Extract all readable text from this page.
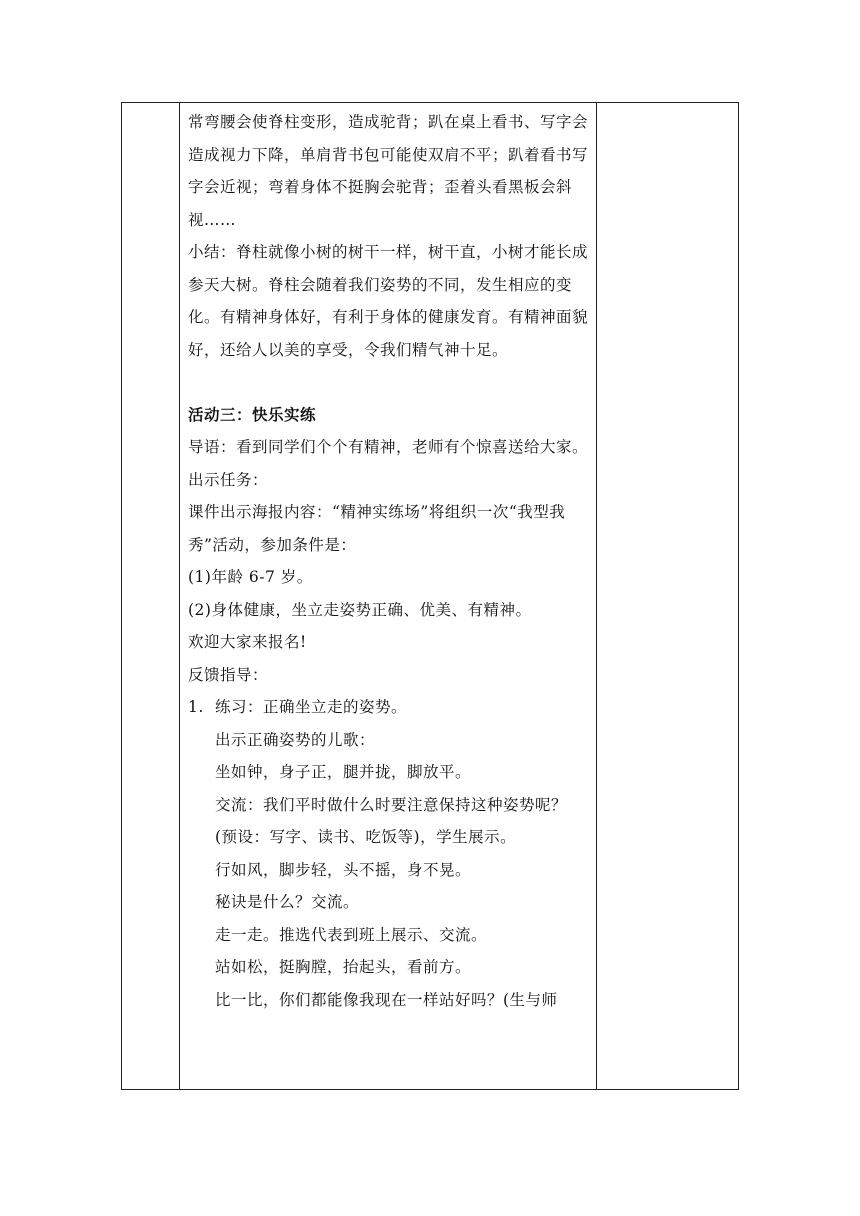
常弯腰会使脊柱变形，造成驼背；趴在桌上看书、写字会造成视力下降，单肩背书包可能使双肩不平；趴着看书写字会近视；弯着身体不挺胸会驼背；歪着头看黑板会斜视……

小结：脊柱就像小树的树干一样，树干直，小树才能长成参天大树。脊柱会随着我们姿势的不同，发生相应的变化。有精神身体好，有利于身体的健康发育。有精神面貌好，还给人以美的享受，令我们精气神十足。

活动三：快乐实练

导语：看到同学们个个有精神，老师有个惊喜送给大家。

出示任务：

课件出示海报内容：“精神实练场”将组织一次“我型我秀”活动，参加条件是：

(1)年龄 6-7 岁。

(2)身体健康，坐立走姿势正确、优美、有精神。

欢迎大家来报名!

反馈指导：

1. 练习：正确坐立走的姿势。

出示正确姿势的儿歌：

坐如钟，身子正，腿并拢，脚放平。

交流：我们平时做什么时要注意保持这种姿势呢？

(预设：写字、读书、吃饭等)，学生展示。

行如风，脚步轻，头不摇，身不晃。

秘诀是什么？交流。

走一走。推选代表到班上展示、交流。

站如松，挺胸膛，抬起头，看前方。

比一比，你们都能像我现在一样站好吗？(生与师
